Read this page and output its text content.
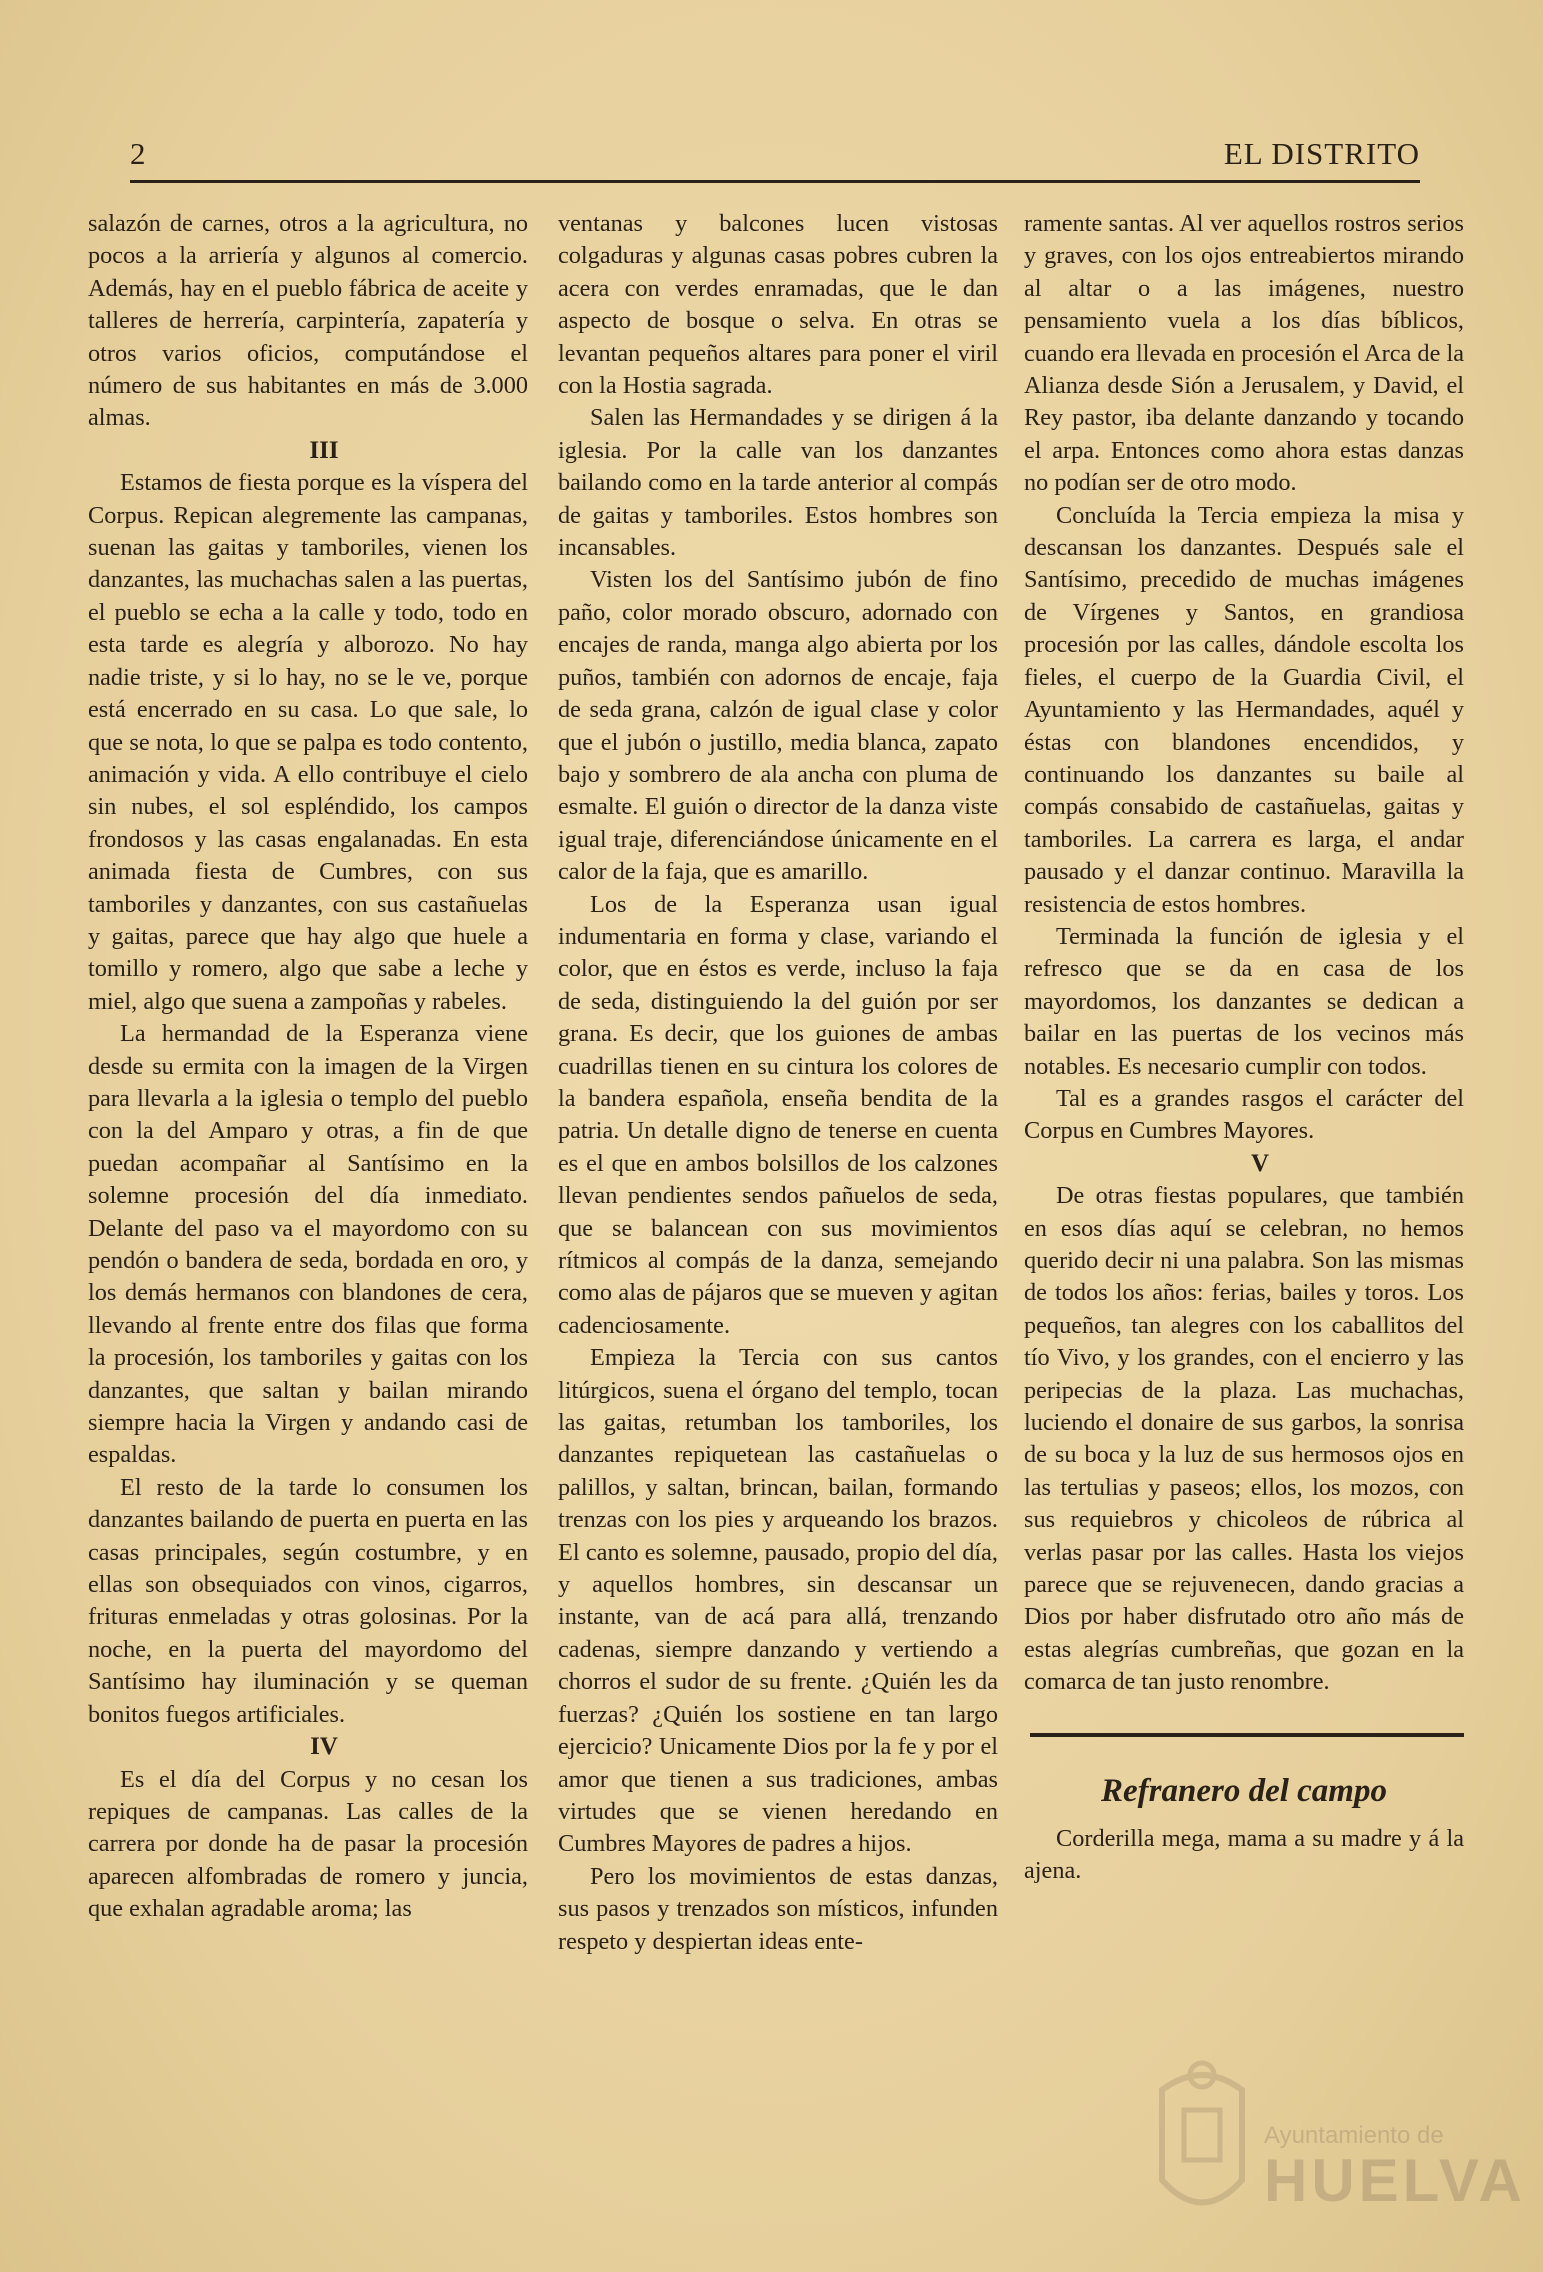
2	EL DISTRITO

salazón de carnes, otros a la agricultura, no pocos a la arriería y algunos al comercio. Además, hay en el pueblo fábrica de aceite y talleres de herrería, carpintería, zapatería y otros varios oficios, computándose el número de sus habitantes en más de 3.000 almas.

III

Estamos de fiesta porque es la víspera del Corpus. Repican alegremente las campanas, suenan las gaitas y tamboriles, vienen los danzantes, las muchachas salen a las puertas, el pueblo se echa a la calle y todo, todo en esta tarde es alegría y alborozo. No hay nadie triste, y si lo hay, no se le ve, porque está encerrado en su casa. Lo que sale, lo que se nota, lo que se palpa es todo contento, animación y vida. A ello contribuye el cielo sin nubes, el sol espléndido, los campos frondosos y las casas engalanadas. En esta animada fiesta de Cumbres, con sus tamboriles y danzantes, con sus castañuelas y gaitas, parece que hay algo que huele a tomillo y romero, algo que sabe a leche y miel, algo que suena a zampoñas y rabeles.

La hermandad de la Esperanza viene desde su ermita con la imagen de la Virgen para llevarla a la iglesia o templo del pueblo con la del Amparo y otras, a fin de que puedan acompañar al Santísimo en la solemne procesión del día inmediato. Delante del paso va el mayordomo con su pendón o bandera de seda, bordada en oro, y los demás hermanos con blandones de cera, llevando al frente entre dos filas que forma la procesión, los tamboriles y gaitas con los danzantes, que saltan y bailan mirando siempre hacia la Virgen y andando casi de espaldas.

El resto de la tarde lo consumen los danzantes bailando de puerta en puerta en las casas principales, según costumbre, y en ellas son obsequiados con vinos, cigarros, frituras enmeladas y otras golosinas. Por la noche, en la puerta del mayordomo del Santísimo hay iluminación y se queman bonitos fuegos artificiales.

IV

Es el día del Corpus y no cesan los repiques de campanas. Las calles de la carrera por donde ha de pasar la procesión aparecen alfombradas de romero y juncia, que exhalan agradable aroma; las

ventanas y balcones lucen vistosas colgaduras y algunas casas pobres cubren la acera con verdes enramadas, que le dan aspecto de bosque o selva. En otras se levantan pequeños altares para poner el viril con la Hostia sagrada.

Salen las Hermandades y se dirigen á la iglesia. Por la calle van los danzantes bailando como en la tarde anterior al compás de gaitas y tamboriles. Estos hombres son incansables.

Visten los del Santísimo jubón de fino paño, color morado obscuro, adornado con encajes de randa, manga algo abierta por los puños, también con adornos de encaje, faja de seda grana, calzón de igual clase y color que el jubón o justillo, media blanca, zapato bajo y sombrero de ala ancha con pluma de esmalte. El guión o director de la danza viste igual traje, diferenciándose únicamente en el calor de la faja, que es amarillo.

Los de la Esperanza usan igual indumentaria en forma y clase, variando el color, que en éstos es verde, incluso la faja de seda, distinguiendo la del guión por ser grana. Es decir, que los guiones de ambas cuadrillas tienen en su cintura los colores de la bandera española, enseña bendita de la patria. Un detalle digno de tenerse en cuenta es el que en ambos bolsillos de los calzones llevan pendientes sendos pañuelos de seda, que se balancean con sus movimientos rítmicos al compás de la danza, semejando como alas de pájaros que se mueven y agitan cadenciosamente.

Empieza la Tercia con sus cantos litúrgicos, suena el órgano del templo, tocan las gaitas, retumban los tamboriles, los danzantes repiquetean las castañuelas o palillos, y saltan, brincan, bailan, formando trenzas con los pies y arqueando los brazos. El canto es solemne, pausado, propio del día, y aquellos hombres, sin descansar un instante, van de acá para allá, trenzando cadenas, siempre danzando y vertiendo a chorros el sudor de su frente. ¿Quién les da fuerzas? ¿Quién los sostiene en tan largo ejercicio? Unicamente Dios por la fe y por el amor que tienen a sus tradiciones, ambas virtudes que se vienen heredando en Cumbres Mayores de padres a hijos.

Pero los movimientos de estas danzas, sus pasos y trenzados son místicos, infunden respeto y despiertan ideas ente-

ramente santas. Al ver aquellos rostros serios y graves, con los ojos entreabiertos mirando al altar o a las imágenes, nuestro pensamiento vuela a los días bíblicos, cuando era llevada en procesión el Arca de la Alianza desde Sión a Jerusalem, y David, el Rey pastor, iba delante danzando y tocando el arpa. Entonces como ahora estas danzas no podían ser de otro modo.

Concluída la Tercia empieza la misa y descansan los danzantes. Después sale el Santísimo, precedido de muchas imágenes de Vírgenes y Santos, en grandiosa procesión por las calles, dándole escolta los fieles, el cuerpo de la Guardia Civil, el Ayuntamiento y las Hermandades, aquél y éstas con blandones encendidos, y continuando los danzantes su baile al compás consabido de castañuelas, gaitas y tamboriles. La carrera es larga, el andar pausado y el danzar continuo. Maravilla la resistencia de estos hombres.

Terminada la función de iglesia y el refresco que se da en casa de los mayordomos, los danzantes se dedican a bailar en las puertas de los vecinos más notables. Es necesario cumplir con todos.

Tal es a grandes rasgos el carácter del Corpus en Cumbres Mayores.

V

De otras fiestas populares, que también en esos días aquí se celebran, no hemos querido decir ni una palabra. Son las mismas de todos los años: ferias, bailes y toros. Los pequeños, tan alegres con los caballitos del tío Vivo, y los grandes, con el encierro y las peripecias de la plaza. Las muchachas, luciendo el donaire de sus garbos, la sonrisa de su boca y la luz de sus hermosos ojos en las tertulias y paseos; ellos, los mozos, con sus requiebros y chicoleos de rúbrica al verlas pasar por las calles. Hasta los viejos parece que se rejuvenecen, dando gracias a Dios por haber disfrutado otro año más de estas alegrías cumbreñas, que gozan en la comarca de tan justo renombre.

Refranero del campo

Corderilla mega, mama a su madre y á la ajena.

Ayuntamiento de
HUELVA
